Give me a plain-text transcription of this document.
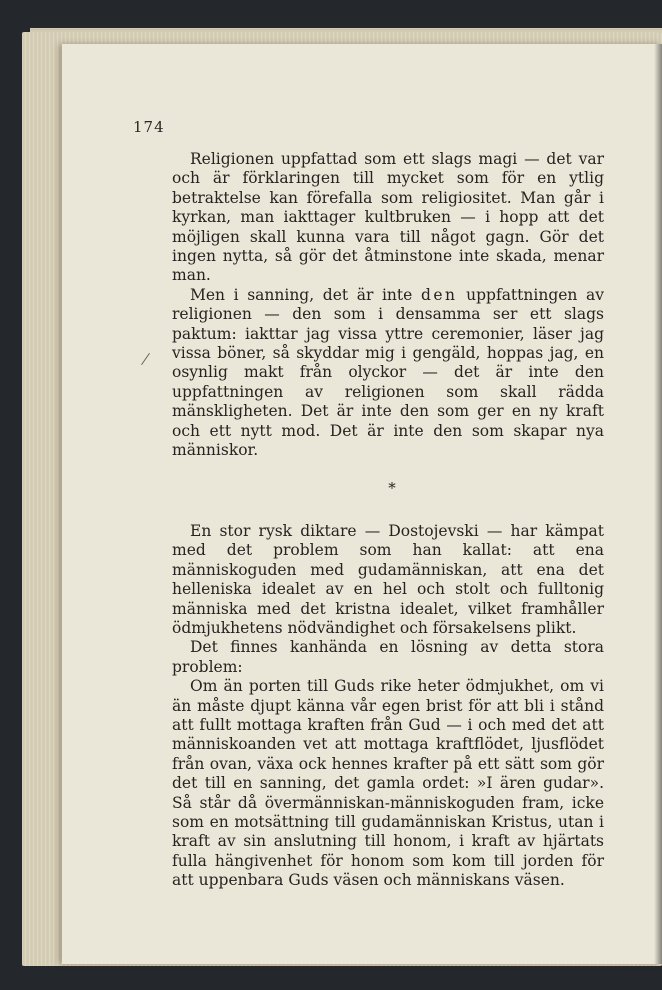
174

Religionen uppfattad som ett slags magi — det var och är förklaringen till mycket som för en ytlig betraktelse kan förefalla som religiositet. Man går i kyrkan, man iakttager kultbruken — i hopp att det möjligen skall kunna vara till något gagn. Gör det ingen nytta, så gör det åtminstone inte skada, menar man.

Men i sanning, det är inte den uppfattningen av religionen — den som i densamma ser ett slags paktum: iakttar jag vissa yttre ceremonier, läser jag vissa böner, så skyddar mig i gengäld, hoppas jag, en osynlig makt från olyckor — det är inte den uppfattningen av religionen som skall rädda mänskligheten. Det är inte den som ger en ny kraft och ett nytt mod. Det är inte den som skapar nya människor.

*

En stor rysk diktare — Dostojevski — har kämpat med det problem som han kallat: att ena människoguden med gudamänniskan, att ena det helleniska idealet av en hel och stolt och fulltonig människa med det kristna idealet, vilket framhåller ödmjukhetens nödvändighet och försakelsens plikt.

Det finnes kanhända en lösning av detta stora problem:

Om än porten till Guds rike heter ödmjukhet, om vi än måste djupt känna vår egen brist för att bli i stånd att fullt mottaga kraften från Gud — i och med det att människoanden vet att mottaga kraftflödet, ljusflödet från ovan, växa ock hennes krafter på ett sätt som gör det till en sanning, det gamla ordet: »I ären gudar». Så står då övermänniskan-människoguden fram, icke som en motsättning till gudamänniskan Kristus, utan i kraft av sin anslutning till honom, i kraft av hjärtats fulla hängivenhet för honom som kom till jorden för att uppenbara Guds väsen och människans väsen.
